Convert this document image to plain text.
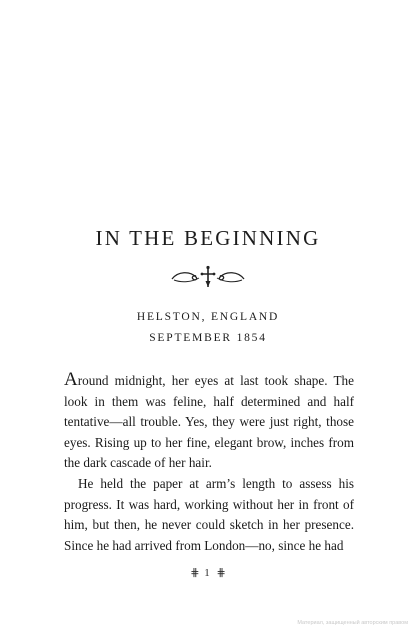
IN THE BEGINNING

HELSTON, ENGLAND

SEPTEMBER 1854

Around midnight, her eyes at last took shape. The look in them was feline, half determined and half tentative—all trouble. Yes, they were just right, those eyes. Rising up to her fine, elegant brow, inches from the dark cascade of her hair.

He held the paper at arm’s length to assess his progress. It was hard, working without her in front of him, but then, he never could sketch in her presence. Since he had arrived from London—no, since he had

⋕ 1 ⋕
Материал, защищенный авторским правом
